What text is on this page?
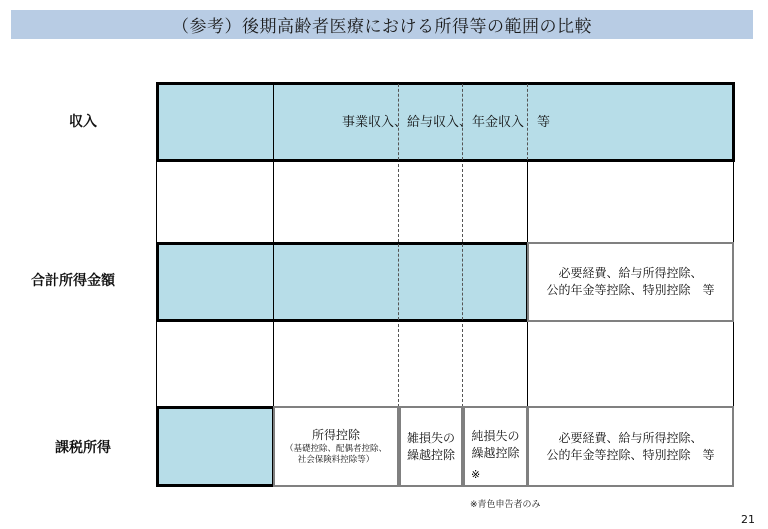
（参考）後期高齢者医療における所得等の範囲の比較
収入
合計所得金額
課税所得
事業収入、給与収入、年金収入　等
必要経費、給与所得控除、
公的年金等控除、特別控除　等
所得控除
（基礎控除、配偶者控除、
社会保険料控除等）
雑損失の
繰越控除
純損失の
繰越控除
※
必要経費、給与所得控除、
公的年金等控除、特別控除　等
※青色申告者のみ
21
